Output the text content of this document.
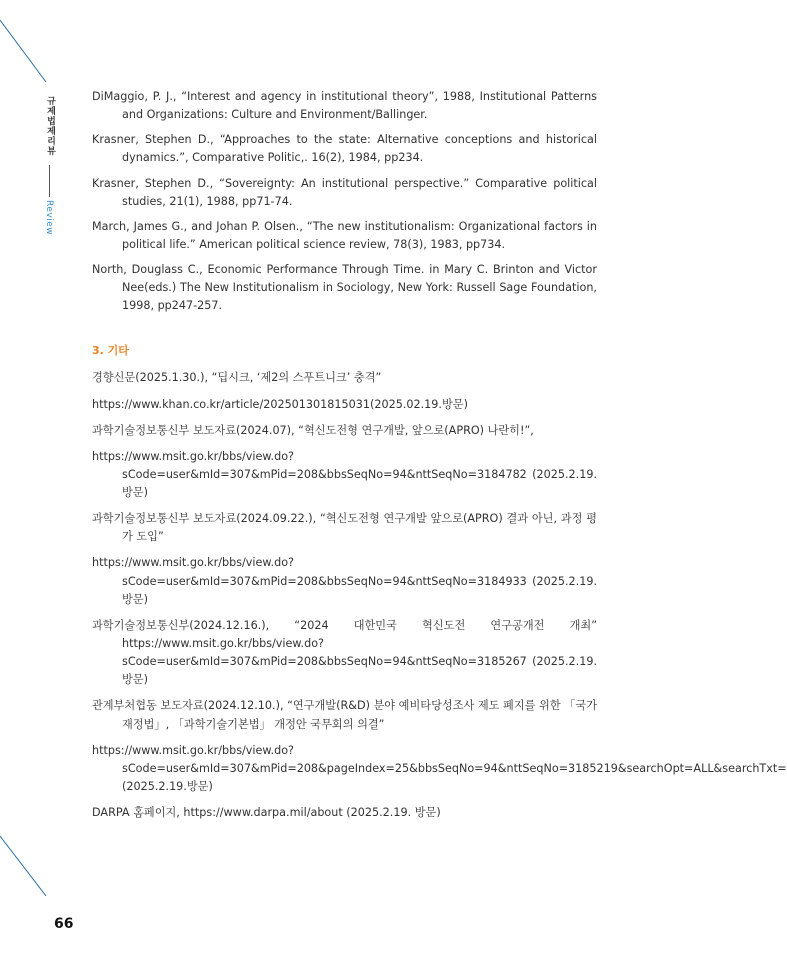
규제법제리뷰
Review

DiMaggio, P. J., “Interest and agency in institutional theory”, 1988, Institutional Patterns and Organizations: Culture and Environment/Ballinger.

Krasner, Stephen D., “Approaches to the state: Alternative conceptions and historical dynamics.”, Comparative Politic,. 16(2), 1984, pp234.

Krasner, Stephen D., “Sovereignty: An institutional perspective.” Comparative political studies, 21(1), 1988, pp71-74.

March, James G., and Johan P. Olsen., “The new institutionalism: Organizational factors in political life.” American political science review, 78(3), 1983, pp734.

North, Douglass C., Economic Performance Through Time. in Mary C. Brinton and Victor Nee(eds.) The New Institutionalism in Sociology, New York: Russell Sage Foundation, 1998, pp247-257.

3. 기타

경향신문(2025.1.30.), “딥시크, ‘제2의 스푸트니크’ 충격”

https://www.khan.co.kr/article/202501301815031(2025.02.19.방문)

과학기술정보통신부 보도자료(2024.07), “혁신도전형 연구개발, 앞으로(APRO) 나란히!”,

https://www.msit.go.kr/bbs/view.do?sCode=user&mId=307&mPid=208&bbsSeqNo=94&nttSeqNo=3184782 (2025.2.19.방문)

과학기술정보통신부 보도자료(2024.09.22.), “혁신도전형 연구개발 앞으로(APRO) 결과 아닌, 과정 평가 도입”

https://www.msit.go.kr/bbs/view.do?sCode=user&mId=307&mPid=208&bbsSeqNo=94&nttSeqNo=3184933 (2025.2.19. 방문)

과학기술정보통신부(2024.12.16.), “2024 대한민국 혁신도전 연구공개전 개최” https://www.msit.go.kr/bbs/view.do?sCode=user&mId=307&mPid=208&bbsSeqNo=94&nttSeqNo=3185267 (2025.2.19.방문)

관계부처협동 보도자료(2024.12.10.), “연구개발(R&D) 분야 예비타당성조사 제도 폐지를 위한 「국가재정법」, 「과학기술기본법」 개정안 국무회의 의결”

https://www.msit.go.kr/bbs/view.do?sCode=user&mId=307&mPid=208&pageIndex=25&bbsSeqNo=94&nttSeqNo=3185219&searchOpt=ALL&searchTxt= (2025.2.19.방문)

DARPA 홈페이지, https://www.darpa.mil/about (2025.2.19. 방문)

66
